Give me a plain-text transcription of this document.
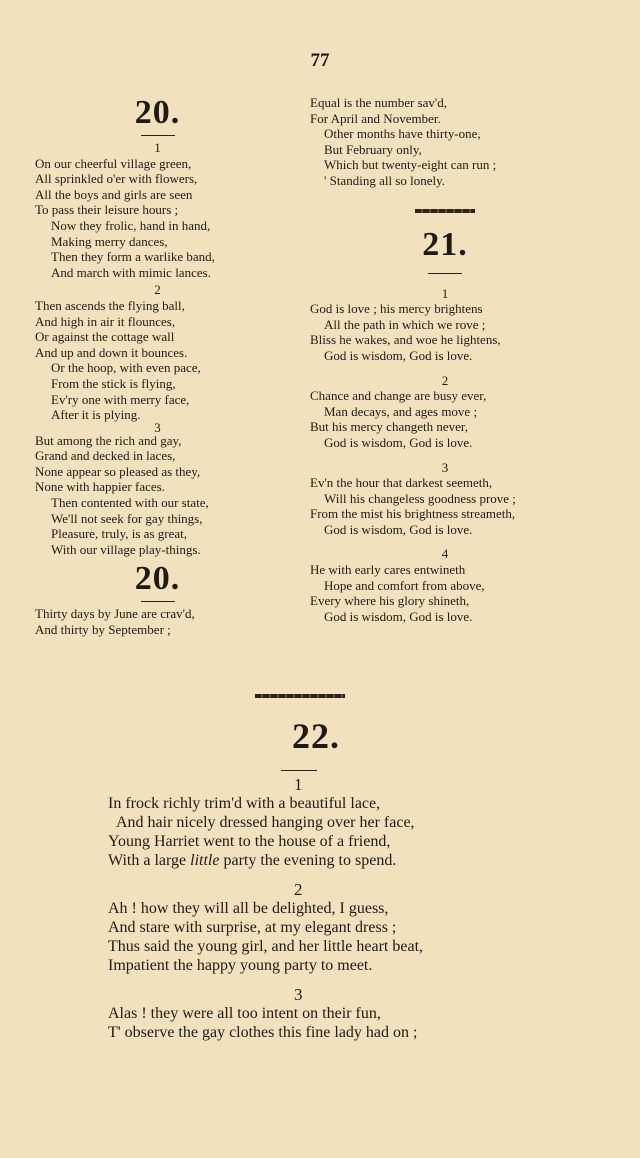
77
20.
1
On our cheerful village green,
All sprinkled o'er with flowers,
All the boys and girls are seen
To pass their leisure hours ;
Now they frolic, hand in hand,
Making merry dances,
Then they form a warlike band,
And march with mimic lances.
2
Then ascends the flying ball,
And high in air it flounces,
Or against the cottage wall
And up and down it bounces.
Or the hoop, with even pace,
From the stick is flying,
Ev'ry one with merry face,
After it is plying.
3
But among the rich and gay,
Grand and decked in laces,
None appear so pleased as they,
None with happier faces.
Then contented with our state,
We'll not seek for gay things,
Pleasure, truly, is as great,
With our village play-things.
20.
Thirty days by June are crav'd,
And thirty by September ;
Equal is the number sav'd,
For April and November.
Other months have thirty-one,
But February only,
Which but twenty-eight can run ;
' Standing all so lonely.
21.
1
God is love ; his mercy brightens
All the path in which we rove ;
Bliss he wakes, and woe he lightens,
God is wisdom, God is love.
2
Chance and change are busy ever,
Man decays, and ages move ;
But his mercy changeth never,
God is wisdom, God is love.
3
Ev'n the hour that darkest seemeth,
Will his changeless goodness prove ;
From the mist his brightness streameth,
God is wisdom, God is love.
4
He with early cares entwineth
Hope and comfort from above,
Every where his glory shineth,
God is wisdom, God is love.
22.
1
In frock richly trim'd with a beautiful lace,
And hair nicely dressed hanging over her face,
Young Harriet went to the house of a friend,
With a large little party the evening to spend.
2
Ah ! how they will all be delighted, I guess,
And stare with surprise, at my elegant dress ;
Thus said the young girl, and her little heart beat,
Impatient the happy young party to meet.
3
Alas ! they were all too intent on their fun,
T' observe the gay clothes this fine lady had on ;
